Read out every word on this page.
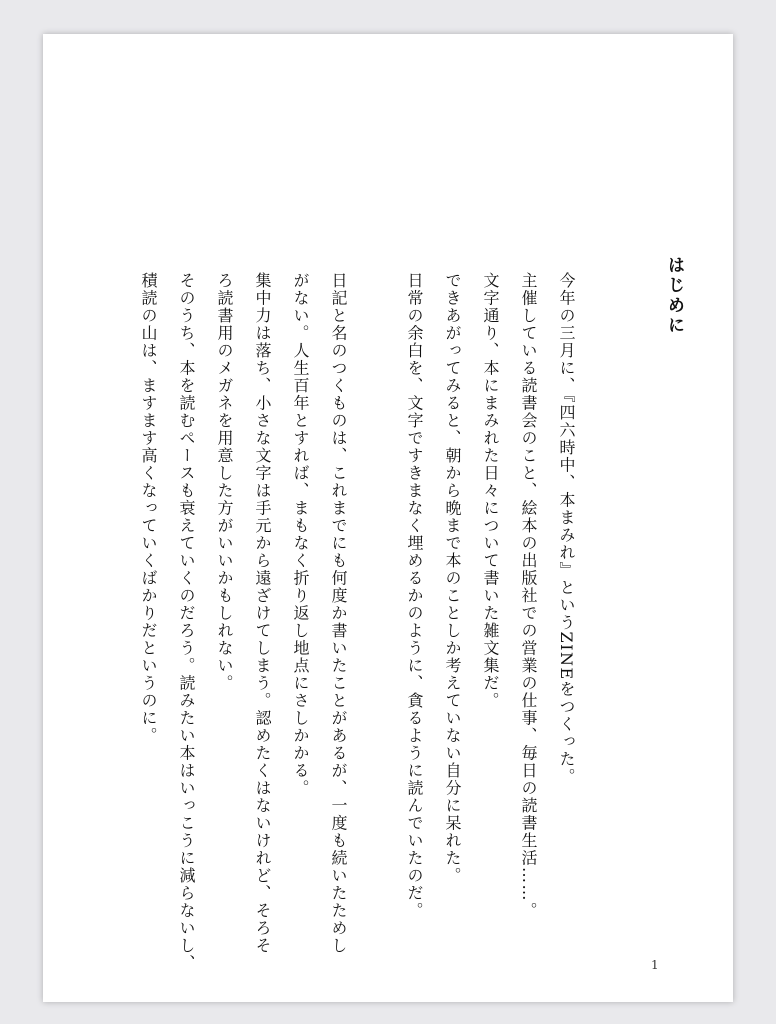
はじめに

今年の三月に、『四六時中、本まみれ』というZINEをつくった。

主催している読書会のこと、絵本の出版社での営業の仕事、毎日の読書生活……。

文字通り、本にまみれた日々について書いた雑文集だ。

できあがってみると、朝から晩まで本のことしか考えていない自分に呆れた。

日常の余白を、文字ですきまなく埋めるかのように、貪るように読んでいたのだ。

日記と名のつくものは、これまでにも何度か書いたことがあるが、一度も続いたためし

がない。人生百年とすれば、まもなく折り返し地点にさしかかる。

集中力は落ち、小さな文字は手元から遠ざけてしまう。認めたくはないけれど、そろそ

ろ読書用のメガネを用意した方がいいかもしれない。

そのうち、本を読むペースも衰えていくのだろう。読みたい本はいっこうに減らないし、

積読の山は、ますます高くなっていくばかりだというのに。

1
